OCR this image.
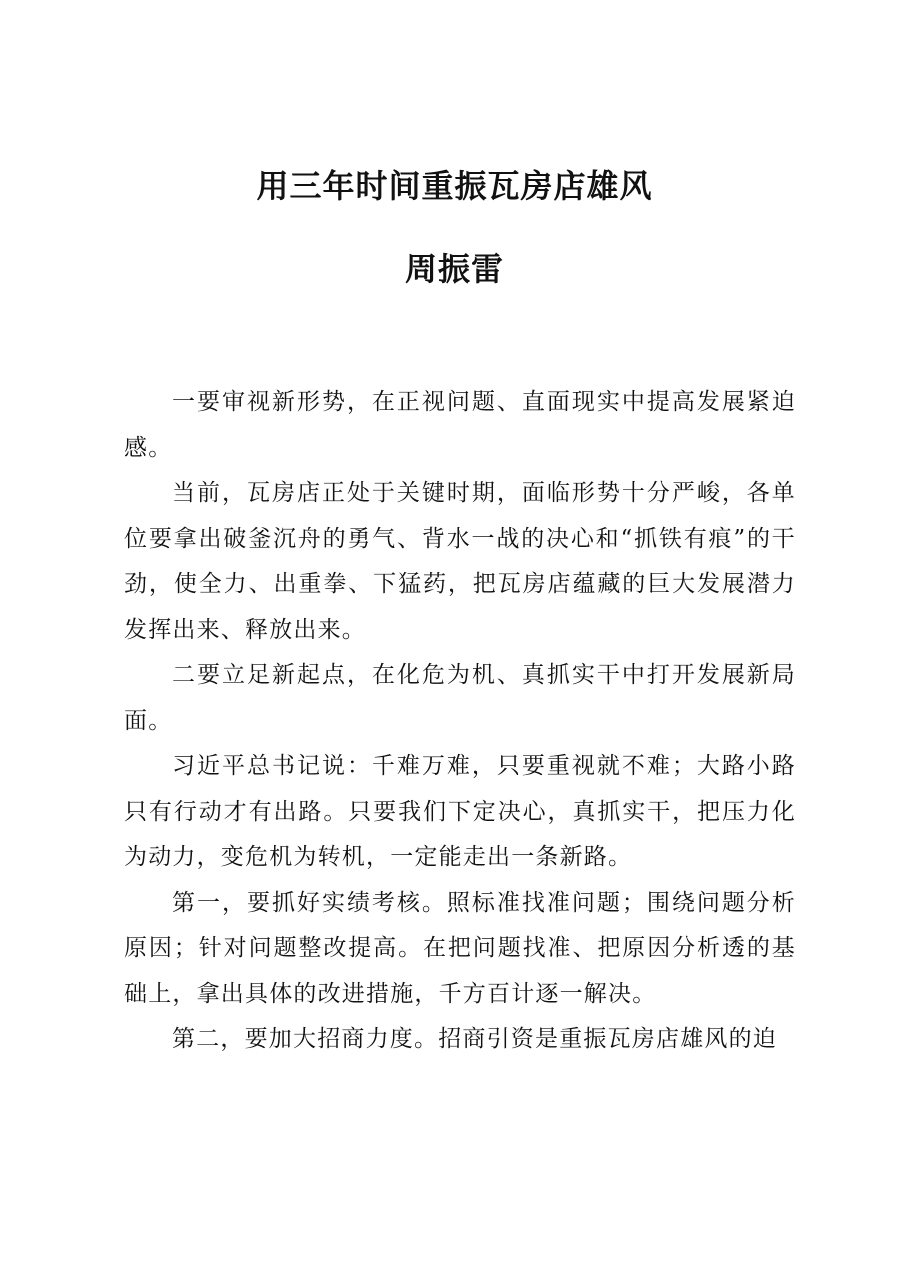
用三年时间重振瓦房店雄风
周振雷

一要审视新形势，在正视问题、直面现实中提高发展紧迫感。

当前，瓦房店正处于关键时期，面临形势十分严峻，各单位要拿出破釜沉舟的勇气、背水一战的决心和“抓铁有痕”的干劲，使全力、出重拳、下猛药，把瓦房店蕴藏的巨大发展潜力发挥出来、释放出来。

二要立足新起点，在化危为机、真抓实干中打开发展新局面。

习近平总书记说：千难万难，只要重视就不难；大路小路只有行动才有出路。只要我们下定决心，真抓实干，把压力化为动力，变危机为转机，一定能走出一条新路。

第一，要抓好实绩考核。照标准找准问题；围绕问题分析原因；针对问题整改提高。在把问题找准、把原因分析透的基础上，拿出具体的改进措施，千方百计逐一解决。

第二，要加大招商力度。招商引资是重振瓦房店雄风的迫
